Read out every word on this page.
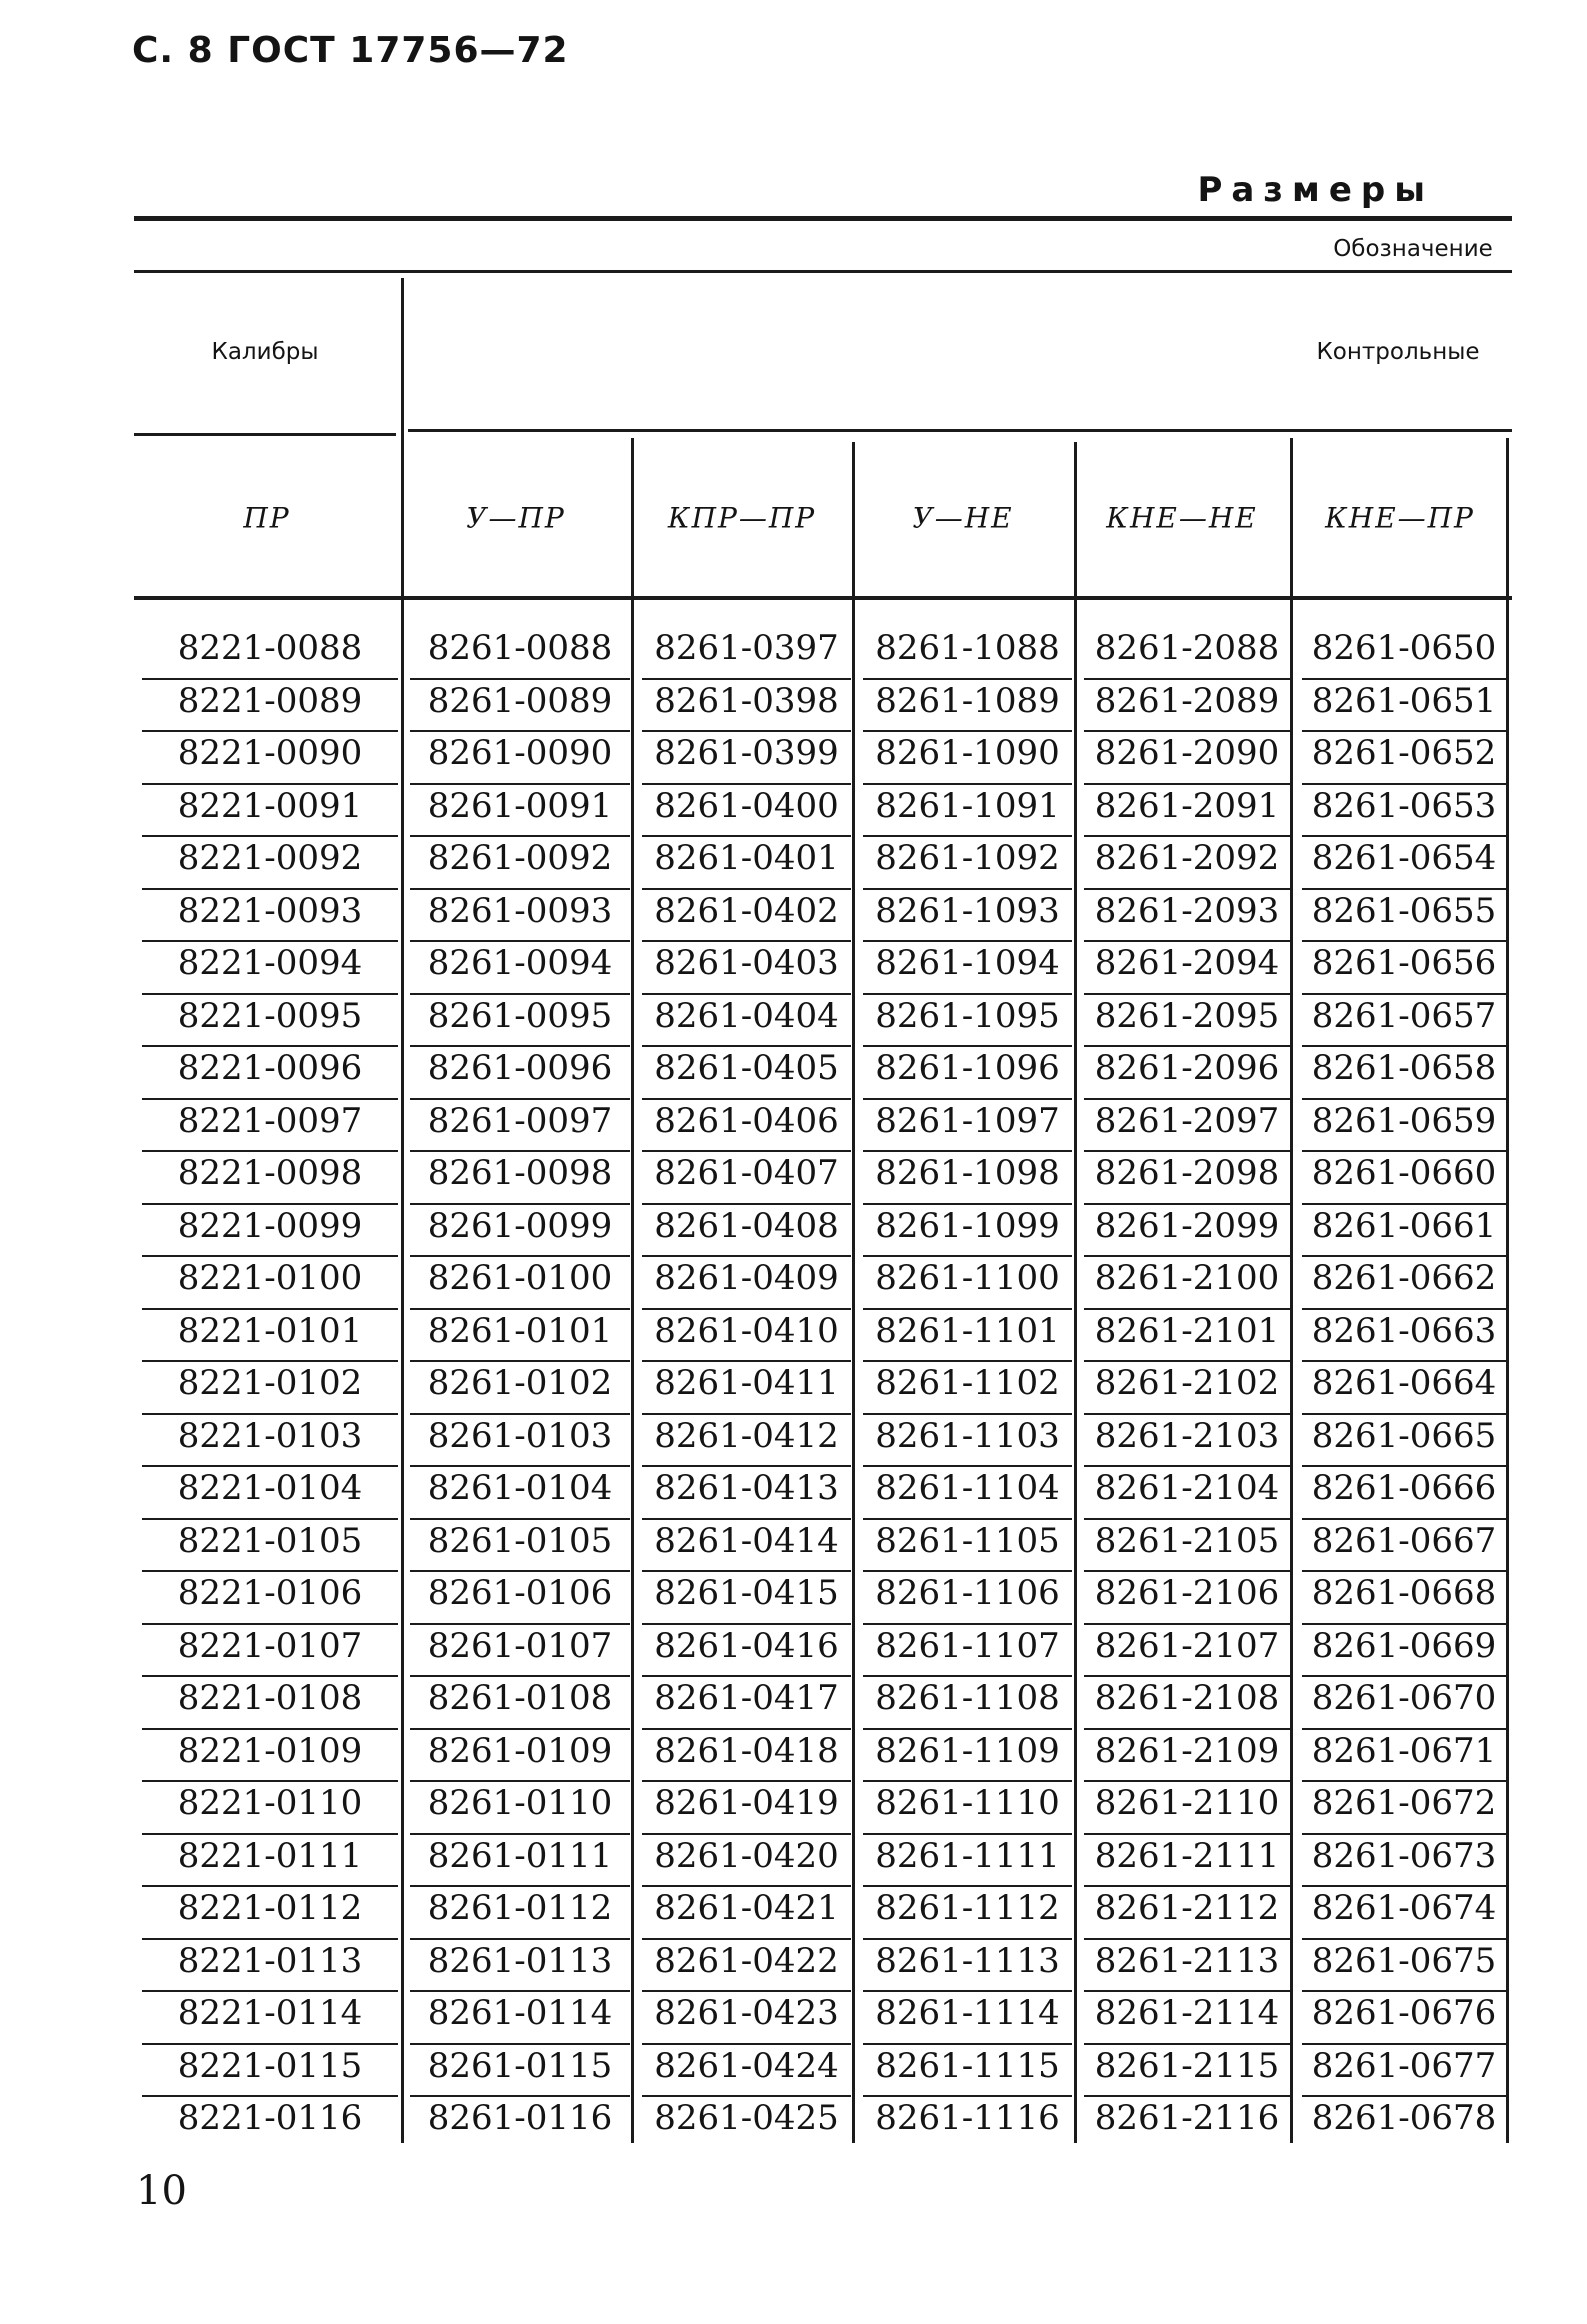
С. 8 ГОСТ 17756—72
Размеры
Обозначение
Калибры	Контрольные
ПР	У—ПР	КПР—ПР	У—НЕ	КНЕ—НЕ КНЕ—ПР
8221-0088	8261-0088	8261-0397	8261-1088	8261-2088 8261-0650
8221-0089	8261-0089	8261-0398	8261-1089	8261-2089 8261-0651
8221-0090	8261-0090	8261-0399	8261-1090	8261-2090 8261-0652
8221-0091	8261-0091	8261-0400	8261-1091	8261-2091 8261-0653
8221-0092	8261-0092	8261-0401	8261-1092	8261-2092 8261-0654
8221-0093	8261-0093	8261-0402	8261-1093	8261-2093 8261-0655
8221-0094	8261-0094	8261-0403	8261-1094	8261-2094 8261-0656
8221-0095	8261-0095	8261-0404	8261-1095	8261-2095 8261-0657
8221-0096	8261-0096	8261-0405	8261-1096	8261-2096 8261-0658
8221-0097	8261-0097	8261-0406	8261-1097	8261-2097 8261-0659
8221-0098	8261-0098	8261-0407	8261-1098	8261-2098 8261-0660
8221-0099	8261-0099	8261-0408	8261-1099	8261-2099 8261-0661
8221-0100	8261-0100	8261-0409	8261-1100	8261-2100 8261-0662
8221-0101	8261-0101	8261-0410	8261-1101	8261-2101 8261-0663
8221-0102	8261-0102	8261-0411	8261-1102	8261-2102 8261-0664
8221-0103	8261-0103	8261-0412	8261-1103	8261-2103 8261-0665
8221-0104	8261-0104	8261-0413	8261-1104	8261-2104 8261-0666
8221-0105	8261-0105	8261-0414	8261-1105	8261-2105 8261-0667
8221-0106	8261-0106	8261-0415	8261-1106	8261-2106 8261-0668
8221-0107	8261-0107	8261-0416	8261-1107	8261-2107 8261-0669
8221-0108	8261-0108	8261-0417	8261-1108	8261-2108 8261-0670
8221-0109	8261-0109	8261-0418	8261-1109	8261-2109 8261-0671
8221-0110	8261-0110	8261-0419	8261-1110	8261-2110 8261-0672
8221-0111	8261-0111	8261-0420	8261-1111	8261-2111 8261-0673
8221-0112	8261-0112	8261-0421	8261-1112	8261-2112 8261-0674
8221-0113	8261-0113	8261-0422	8261-1113	8261-2113 8261-0675
8221-0114	8261-0114	8261-0423	8261-1114	8261-2114 8261-0676
8221-0115	8261-0115	8261-0424	8261-1115	8261-2115 8261-0677
8221-0116	8261-0116	8261-0425	8261-1116	8261-2116 8261-0678
10
